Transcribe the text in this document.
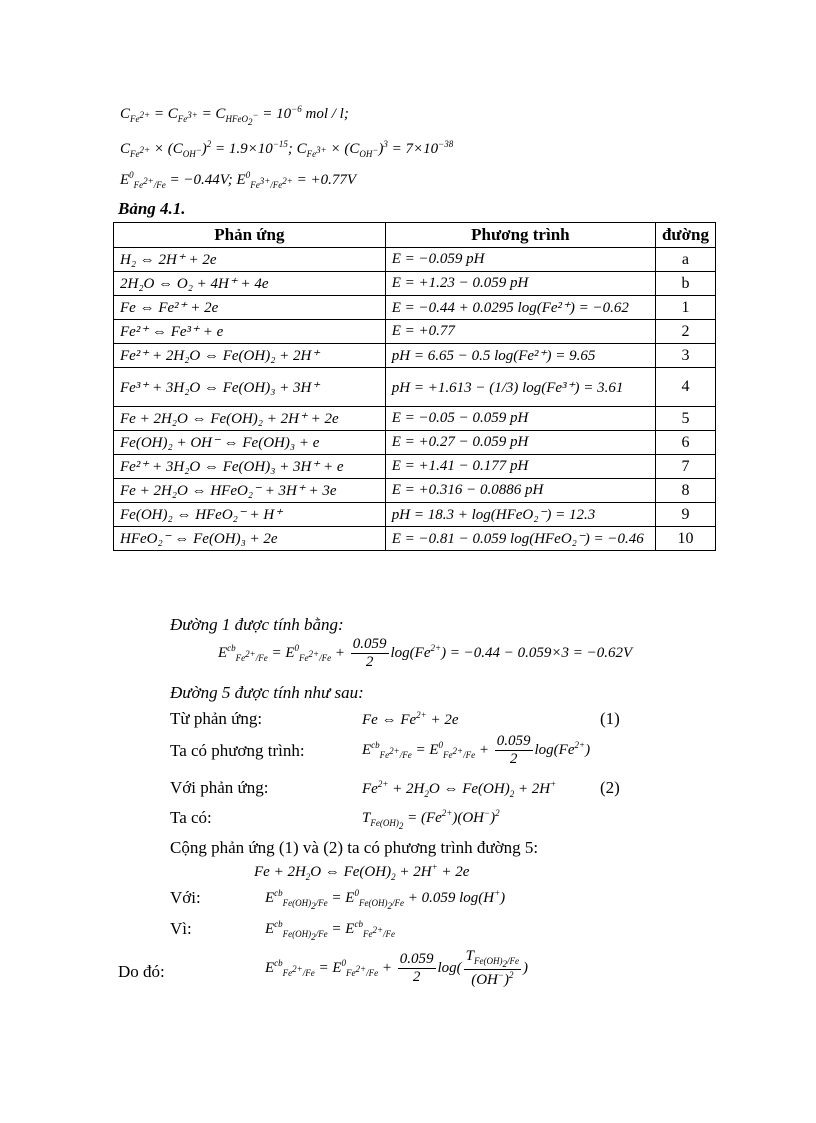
$C_{Fe^{2+}} = C_{Fe^{3+}} = C_{HFeO_2^-} = 10^{-6}$ mol / l;
$C_{Fe^{2+}} \times (C_{OH^-})^2 = 1.9\times 10^{-15}$; $C_{Fe^{3+}} \times (C_{OH^-})^3 = 7\times 10^{-38}$
$E^0_{Fe^{2+}/Fe} = -0.44V$; $E^0_{Fe^{3+}/Fe^{2+}} = +0.77V$
Bảng 4.1.
Phản ứng	Phương trình	đường
H₂ ⇔ 2H⁺ + 2e	E = −0.059 pH	a
2H₂O ⇔ O₂ + 4H⁺ + 4e	E = +1.23 − 0.059 pH	b
Fe ⇔ Fe²⁺ + 2e	E = −0.44 + 0.0295 log(Fe²⁺) = −0.62	1
Fe²⁺ ⇔ Fe³⁺ + e	E = +0.77	2
Fe²⁺ + 2H₂O ⇔ Fe(OH)₂ + 2H⁺	pH = 6.65 − 0.5 log(Fe²⁺) = 9.65	3
Fe³⁺ + 3H₂O ⇔ Fe(OH)₃ + 3H⁺	pH = +1.613 − (1/3) log(Fe³⁺) = 3.61	4
Fe + 2H₂O ⇔ Fe(OH)₂ + 2H⁺ + 2e	E = −0.05 − 0.059 pH	5
Fe(OH)₂ + OH⁻ ⇔ Fe(OH)₃ + e	E = +0.27 − 0.059 pH	6
Fe²⁺ + 3H₂O ⇔ Fe(OH)₃ + 3H⁺ + e	E = +1.41 − 0.177 pH	7
Fe + 2H₂O ⇔ HFeO₂⁻ + 3H⁺ + 3e	E = +0.316 − 0.0886 pH	8
Fe(OH)₂ ⇔ HFeO₂⁻ + H⁺	pH = 18.3 + log(HFeO₂⁻) = 12.3	9
HFeO₂⁻ ⇔ Fe(OH)₃ + 2e	E = −0.81 − 0.059 log(HFeO₂⁻) = −0.46	10
Đường 1 được tính bằng:
$E^{cb}_{Fe^{2+}/Fe} = E^0_{Fe^{2+}/Fe} + \frac{0.059}{2} \log(Fe^{2+}) = -0.44 - 0.059\times 3 = -0.62V$
Đường 5 được tính như sau:
Từ phản ứng:	Fe ⇔ $Fe^{2+} + 2e$	(1)
Ta có phương trình:	$E^{cb}_{Fe^{2+}/Fe} = E^0_{Fe^{2+}/Fe} + \frac{0.059}{2} \log(Fe^{2+})$
Với phản ứng:	$Fe^{2+} + 2H_2O$ ⇔ $Fe(OH)_2 + 2H^+$	(2)
Ta có:	$T_{Fe(OH)_2} = (Fe^{2+})(OH^-)^2$
Cộng phản ứng (1) và (2) ta có phương trình đường 5:
$Fe + 2H_2O$ ⇔ $Fe(OH)_2 + 2H^+ + 2e$
Với:	$E^{cb}_{Fe(OH)_2/Fe} = E^0_{Fe(OH)_2/Fe} + 0.059$ log(H+)
Vì:	$E^{cb}_{Fe(OH)_2/Fe} = E^{cb}_{Fe^{2+}/Fe}$
Do đó:	$E^{cb}_{Fe^{2+}/Fe} = E^0_{Fe^{2+}/Fe} + \frac{0.059}{2} \log( \frac{T_{Fe(OH)_2/Fe}}{(OH^-)^2}$ )
